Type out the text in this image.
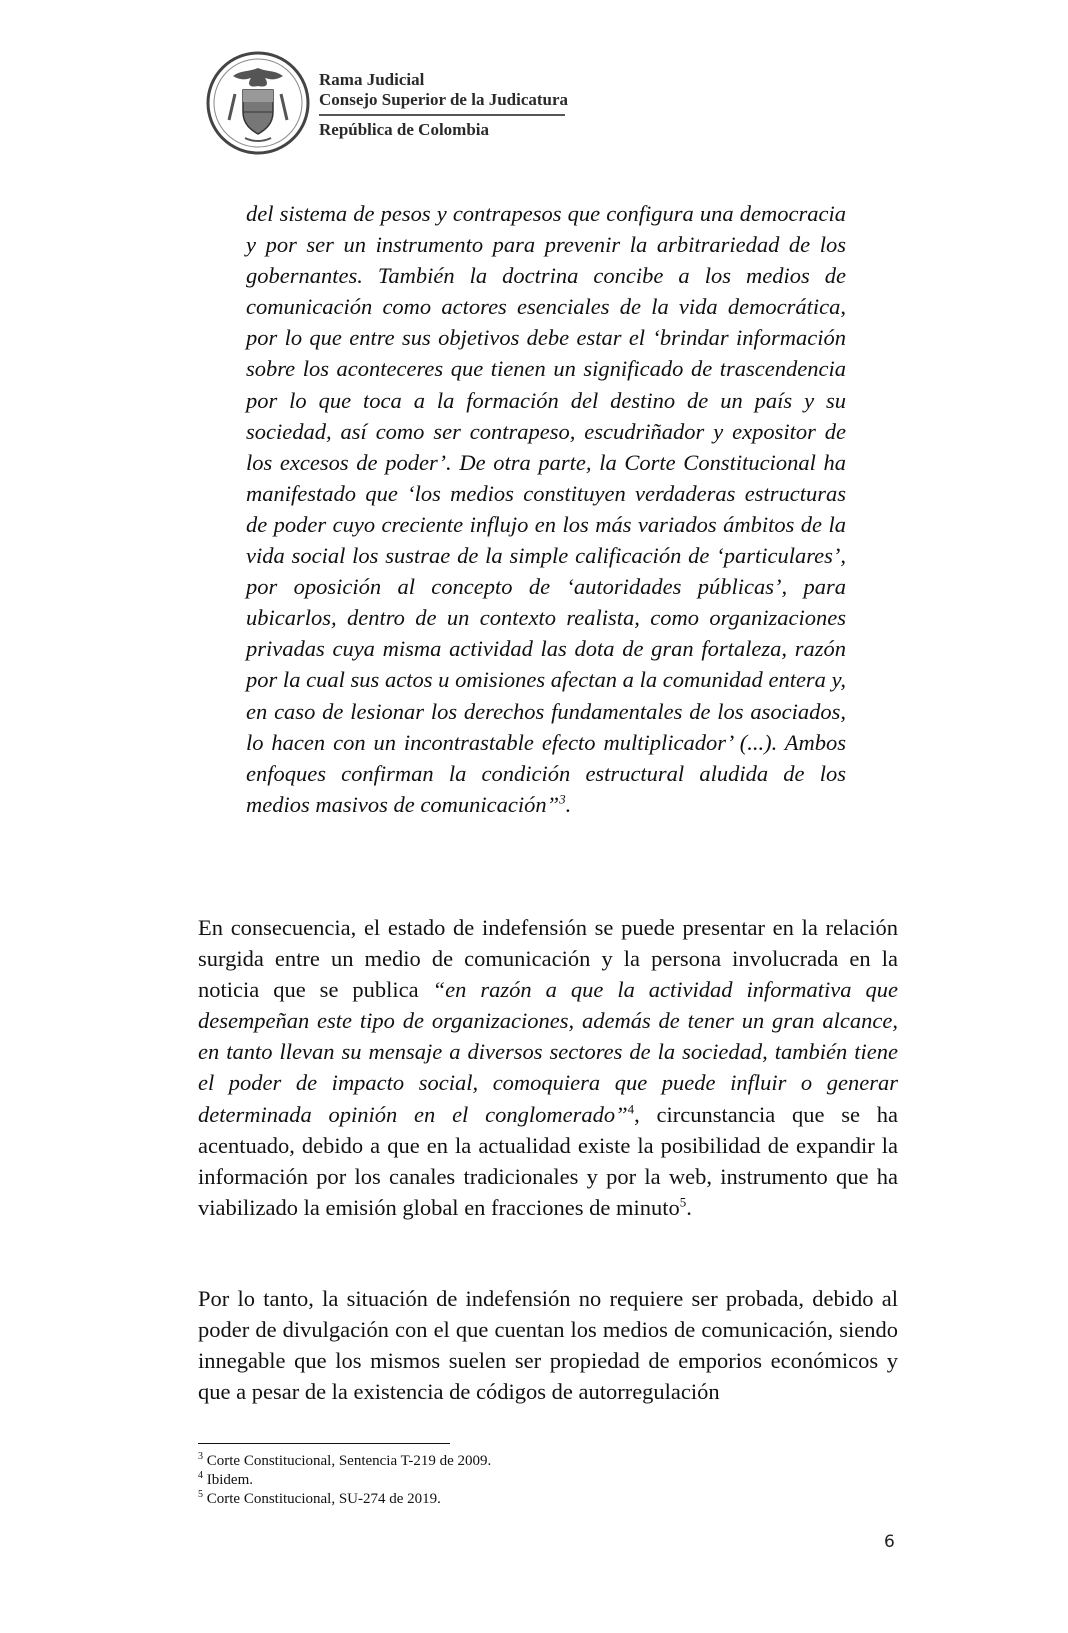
Rama Judicial
Consejo Superior de la Judicatura
República de Colombia

del sistema de pesos y contrapesos que configura una democracia y por ser un instrumento para prevenir la arbitrariedad de los gobernantes. También la doctrina concibe a los medios de comunicación como actores esenciales de la vida democrática, por lo que entre sus objetivos debe estar el ‘brindar información sobre los aconteceres que tienen un significado de trascendencia por lo que toca a la formación del destino de un país y su sociedad, así como ser contrapeso, escudriñador y expositor de los excesos de poder’. De otra parte, la Corte Constitucional ha manifestado que ‘los medios constituyen verdaderas estructuras de poder cuyo creciente influjo en los más variados ámbitos de la vida social los sustrae de la simple calificación de ‘particulares’, por oposición al concepto de ‘autoridades públicas’, para ubicarlos, dentro de un contexto realista, como organizaciones privadas cuya misma actividad las dota de gran fortaleza, razón por la cual sus actos u omisiones afectan a la comunidad entera y, en caso de lesionar los derechos fundamentales de los asociados, lo hacen con un incontrastable efecto multiplicador’ (...). Ambos enfoques confirman la condición estructural aludida de los medios masivos de comunicación”$^3$.

En consecuencia, el estado de indefensión se puede presentar en la relación surgida entre un medio de comunicación y la persona involucrada en la noticia que se publica “en razón a que la actividad informativa que desempeñan este tipo de organizaciones, además de tener un gran alcance, en tanto llevan su mensaje a diversos sectores de la sociedad, también tiene el poder de impacto social, comoquiera que puede influir o generar determinada opinión en el conglomerado”$^4$, circunstancia que se ha acentuado, debido a que en la actualidad existe la posibilidad de expandir la información por los canales tradicionales y por la web, instrumento que ha viabilizado la emisión global en fracciones de minuto$^5$.

Por lo tanto, la situación de indefensión no requiere ser probada, debido al poder de divulgación con el que cuentan los medios de comunicación, siendo innegable que los mismos suelen ser propiedad de emporios económicos y que a pesar de la existencia de códigos de autorregulación

$^3$ Corte Constitucional, Sentencia T-219 de 2009.
$^4$ Ibidem.
$^5$ Corte Constitucional, SU-274 de 2019.
6
